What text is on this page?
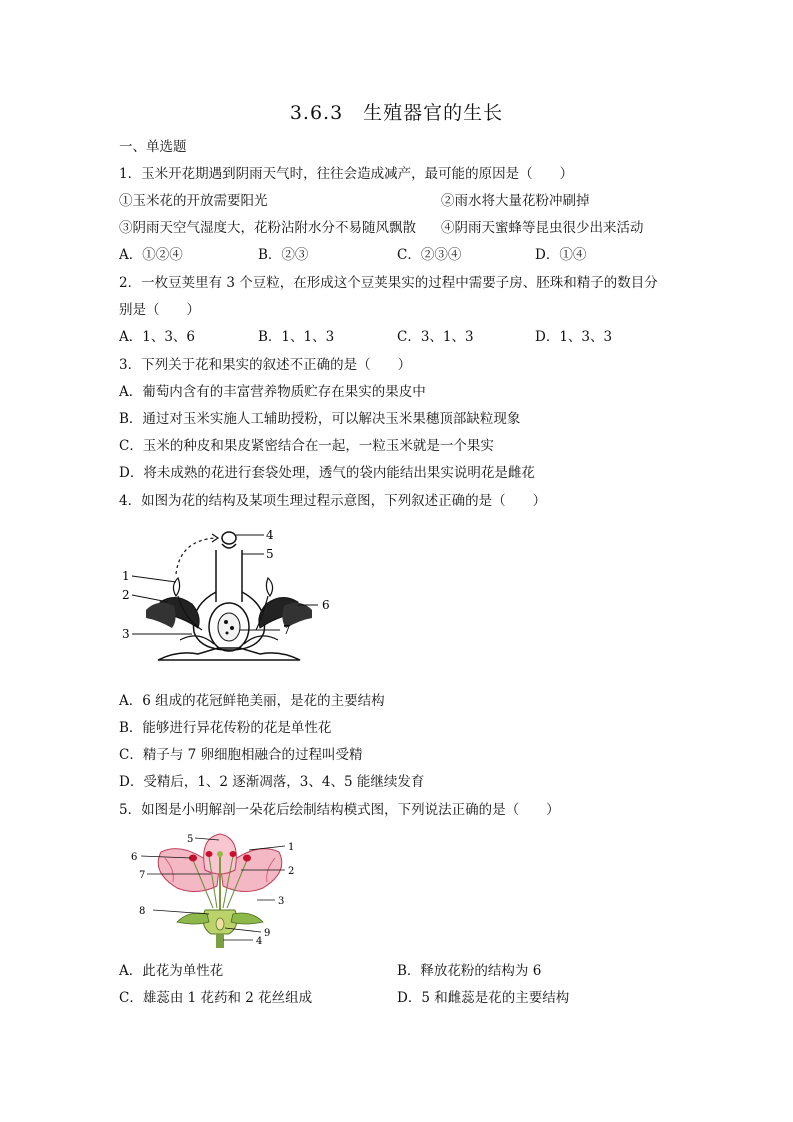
3.6.3　生殖器官的生长
一、单选题
1．玉米开花期遇到阴雨天气时，往往会造成减产，最可能的原因是（　　）
①玉米花的开放需要阳光	②雨水将大量花粉冲刷掉
③阴雨天空气湿度大，花粉沾附水分不易随风飘散 ④阴雨天蜜蜂等昆虫很少出来活动
A．①②④	B．②③	C．②③④	D．①④
2．一枚豆荚里有 3 个豆粒，在形成这个豆荚果实的过程中需要子房、胚珠和精子的数目分
别是（　　）
A．1、3、6	B．1、1、3	C．3、1、3	D．1、3、3
3．下列关于花和果实的叙述不正确的是（　　）
A．葡萄内含有的丰富营养物质贮存在果实的果皮中
B．通过对玉米实施人工辅助授粉，可以解决玉米果穗顶部缺粒现象
C．玉米的种皮和果皮紧密结合在一起，一粒玉米就是一个果实
D．将未成熟的花进行套袋处理，透气的袋内能结出果实说明花是雌花
4．如图为花的结构及某项生理过程示意图，下列叙述正确的是（　　）
4
5
1
2
3
6
7
A．6 组成的花冠鲜艳美丽，是花的主要结构
B．能够进行异花传粉的花是单性花
C．精子与 7 卵细胞相融合的过程叫受精
D．受精后，1、2 逐渐凋落，3、4、5 能继续发育
5．如图是小明解剖一朵花后绘制结构模式图，下列说法正确的是（　　）
5
6
7
8
1
2
3
9
4
A．此花为单性花	B．释放花粉的结构为 6
C．雄蕊由 1 花药和 2 花丝组成	D．5 和雌蕊是花的主要结构
